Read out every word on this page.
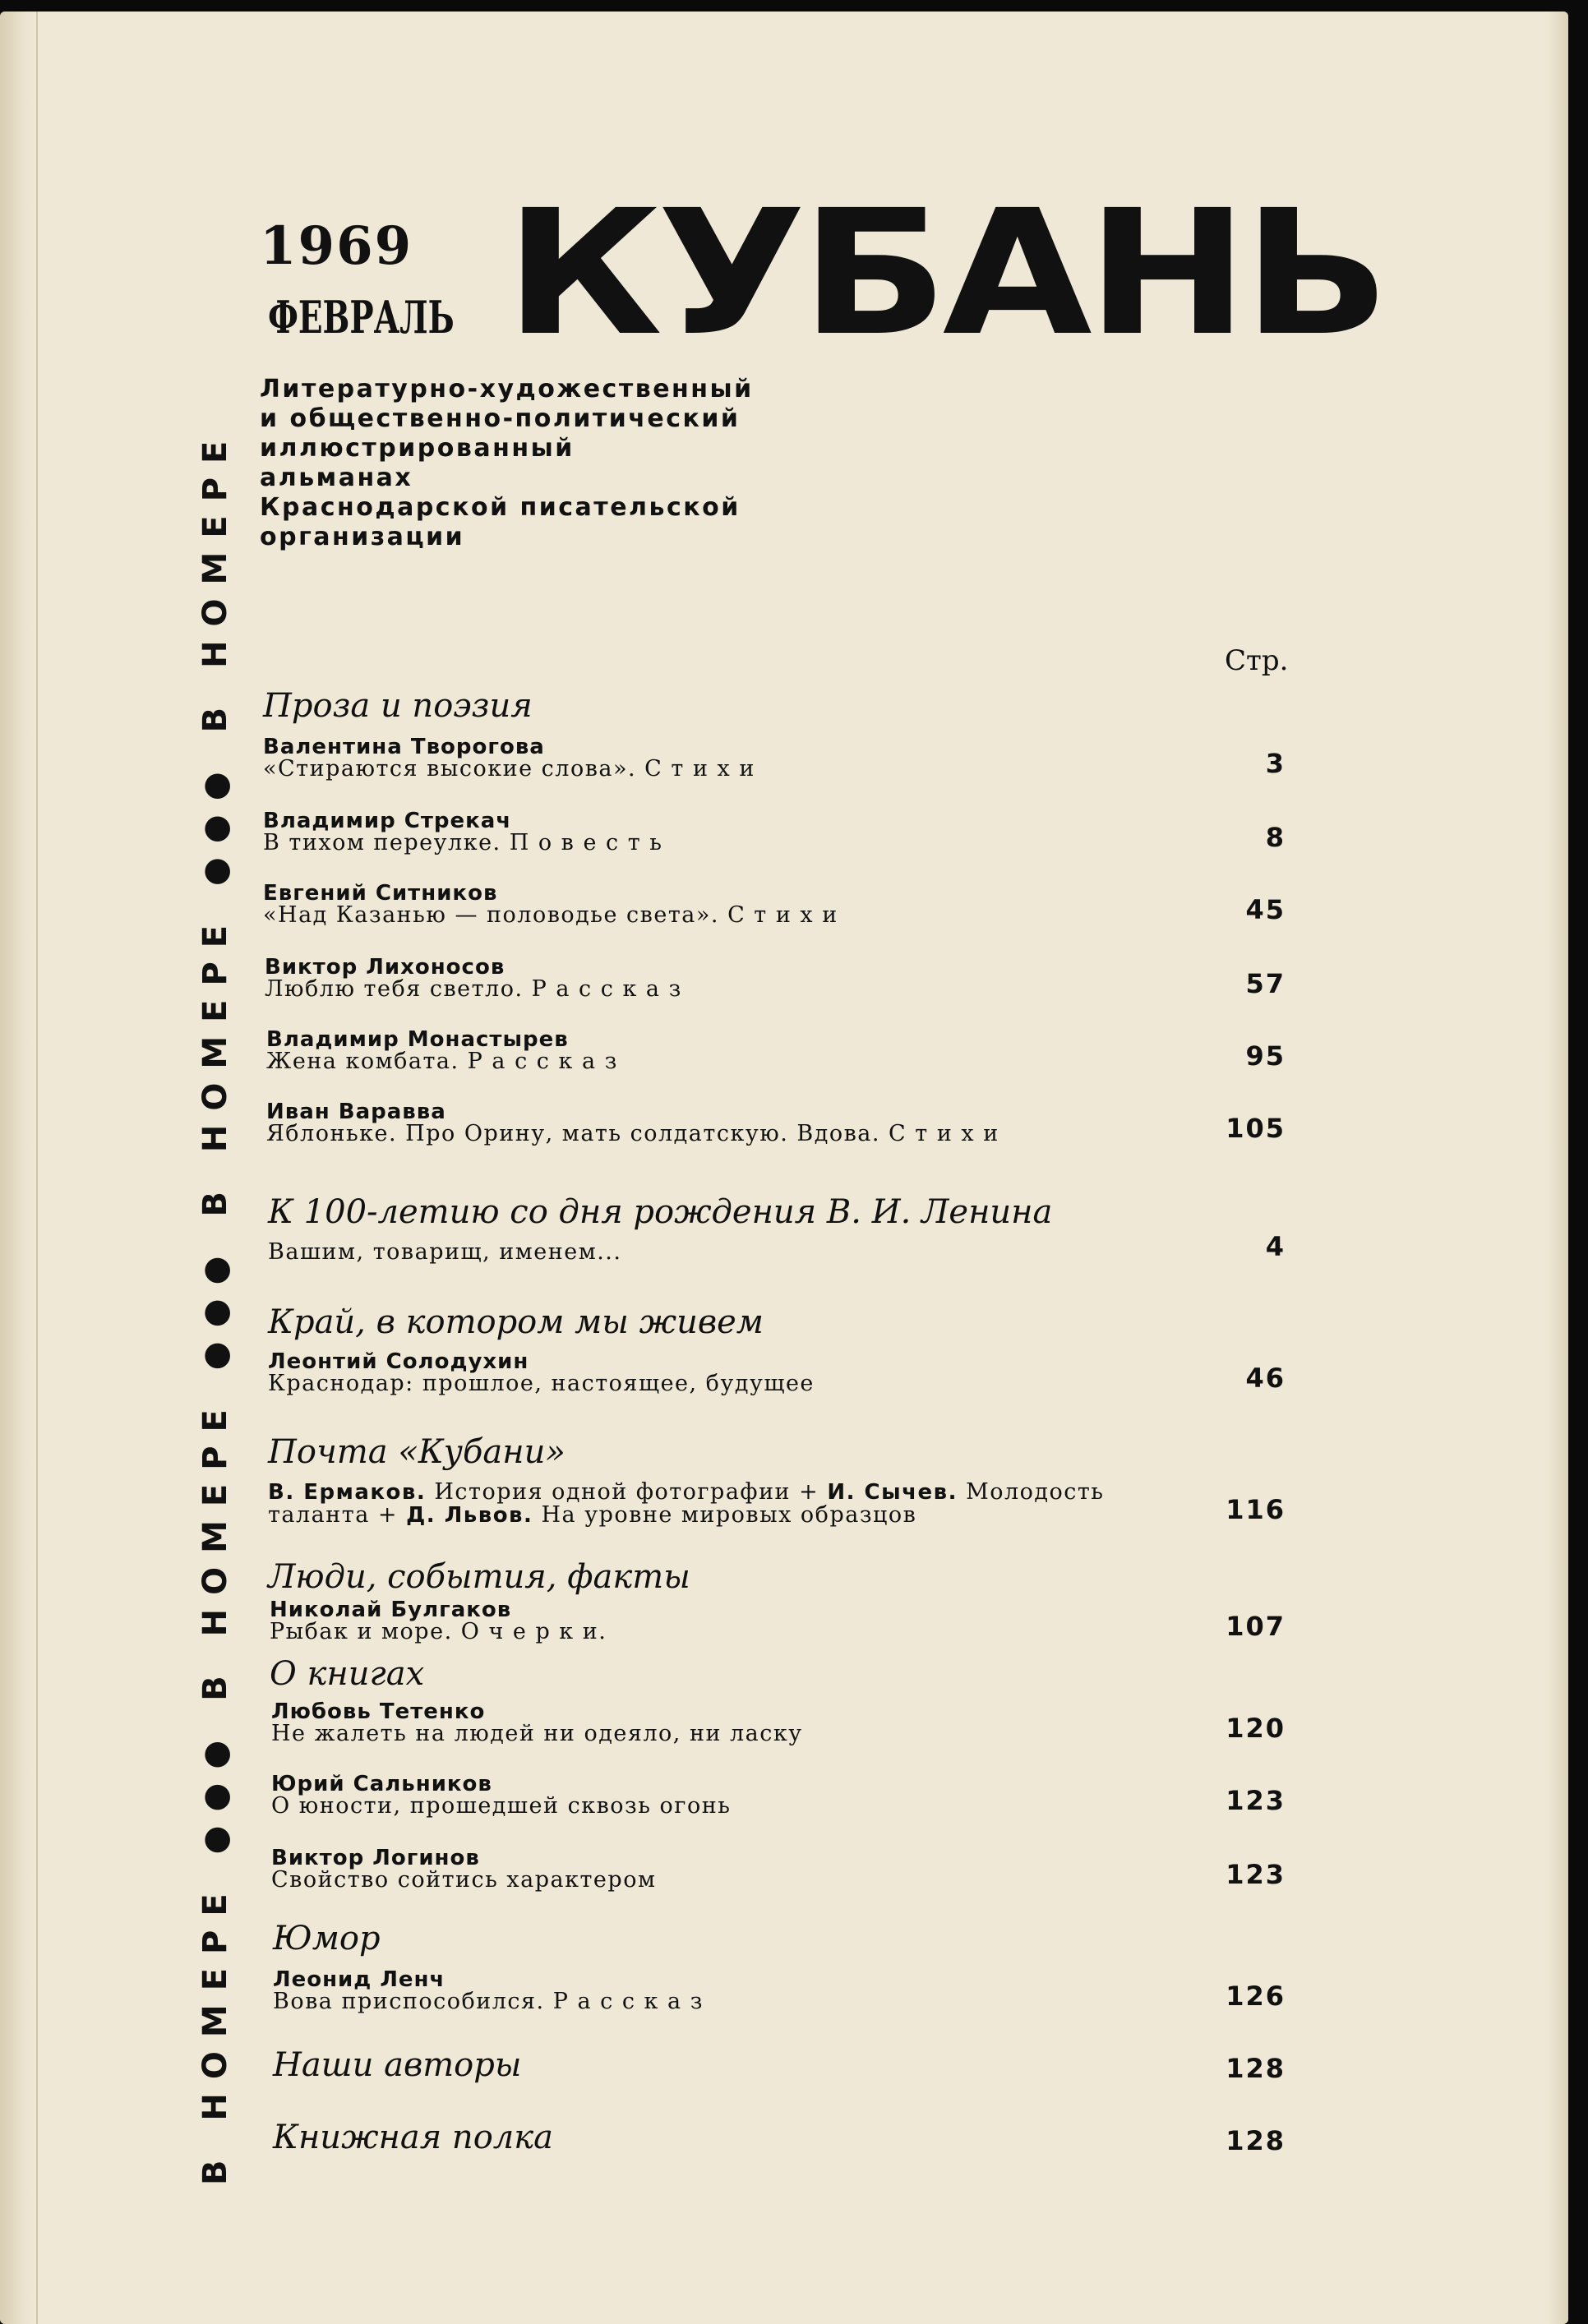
1969
ФЕВРАЛЬ КУБАНЬ
Литературно-художественный
и общественно-политический
иллюстрированный
альманах
Краснодарской писательской
организации
В НОМЕРЕ ●●● В НОМЕРЕ ●●● В НОМЕРЕ ●●● В НОМЕРЕ	Стр.
Проза и поэзия
Валентина Творогова
«Стираются высокие слова». С т и х и	3
Владимир Стрекач
В тихом переулке. П о в е с т ь	8
Евгений Ситников
«Над Казанью — половодье света». С т и х и	45
Виктор Лихоносов
Люблю тебя светло. Р а с с к а з	57
Владимир Монастырев
Жена комбата. Р а с с к а з	95
Иван Варавва
Яблоньке. Про Орину, мать солдатскую. Вдова. С т и х и	105
К 100-летию со дня рождения В. И. Ленина
Вашим, товарищ, именем...	4
Край, в котором мы живем
Леонтий Солодухин
Краснодар: прошлое, настоящее, будущее	46
Почта «Кубани»
В. Ермаков. История одной фотографии + И. Сычев. Молодость
таланта + Д. Львов. На уровне мировых образцов	116
Люди, события, факты
Николай Булгаков
Рыбак и море. О ч е р к и.	107
О книгах
Любовь Тетенко
Не жалеть на людей ни одеяло, ни ласку	120
Юрий Сальников
О юности, прошедшей сквозь огонь	123
Виктор Логинов
Свойство сойтись характером	123
Юмор
Леонид Ленч
Вова приспособился. Р а с с к а з	126
Наши авторы	128
Книжная полка	128
